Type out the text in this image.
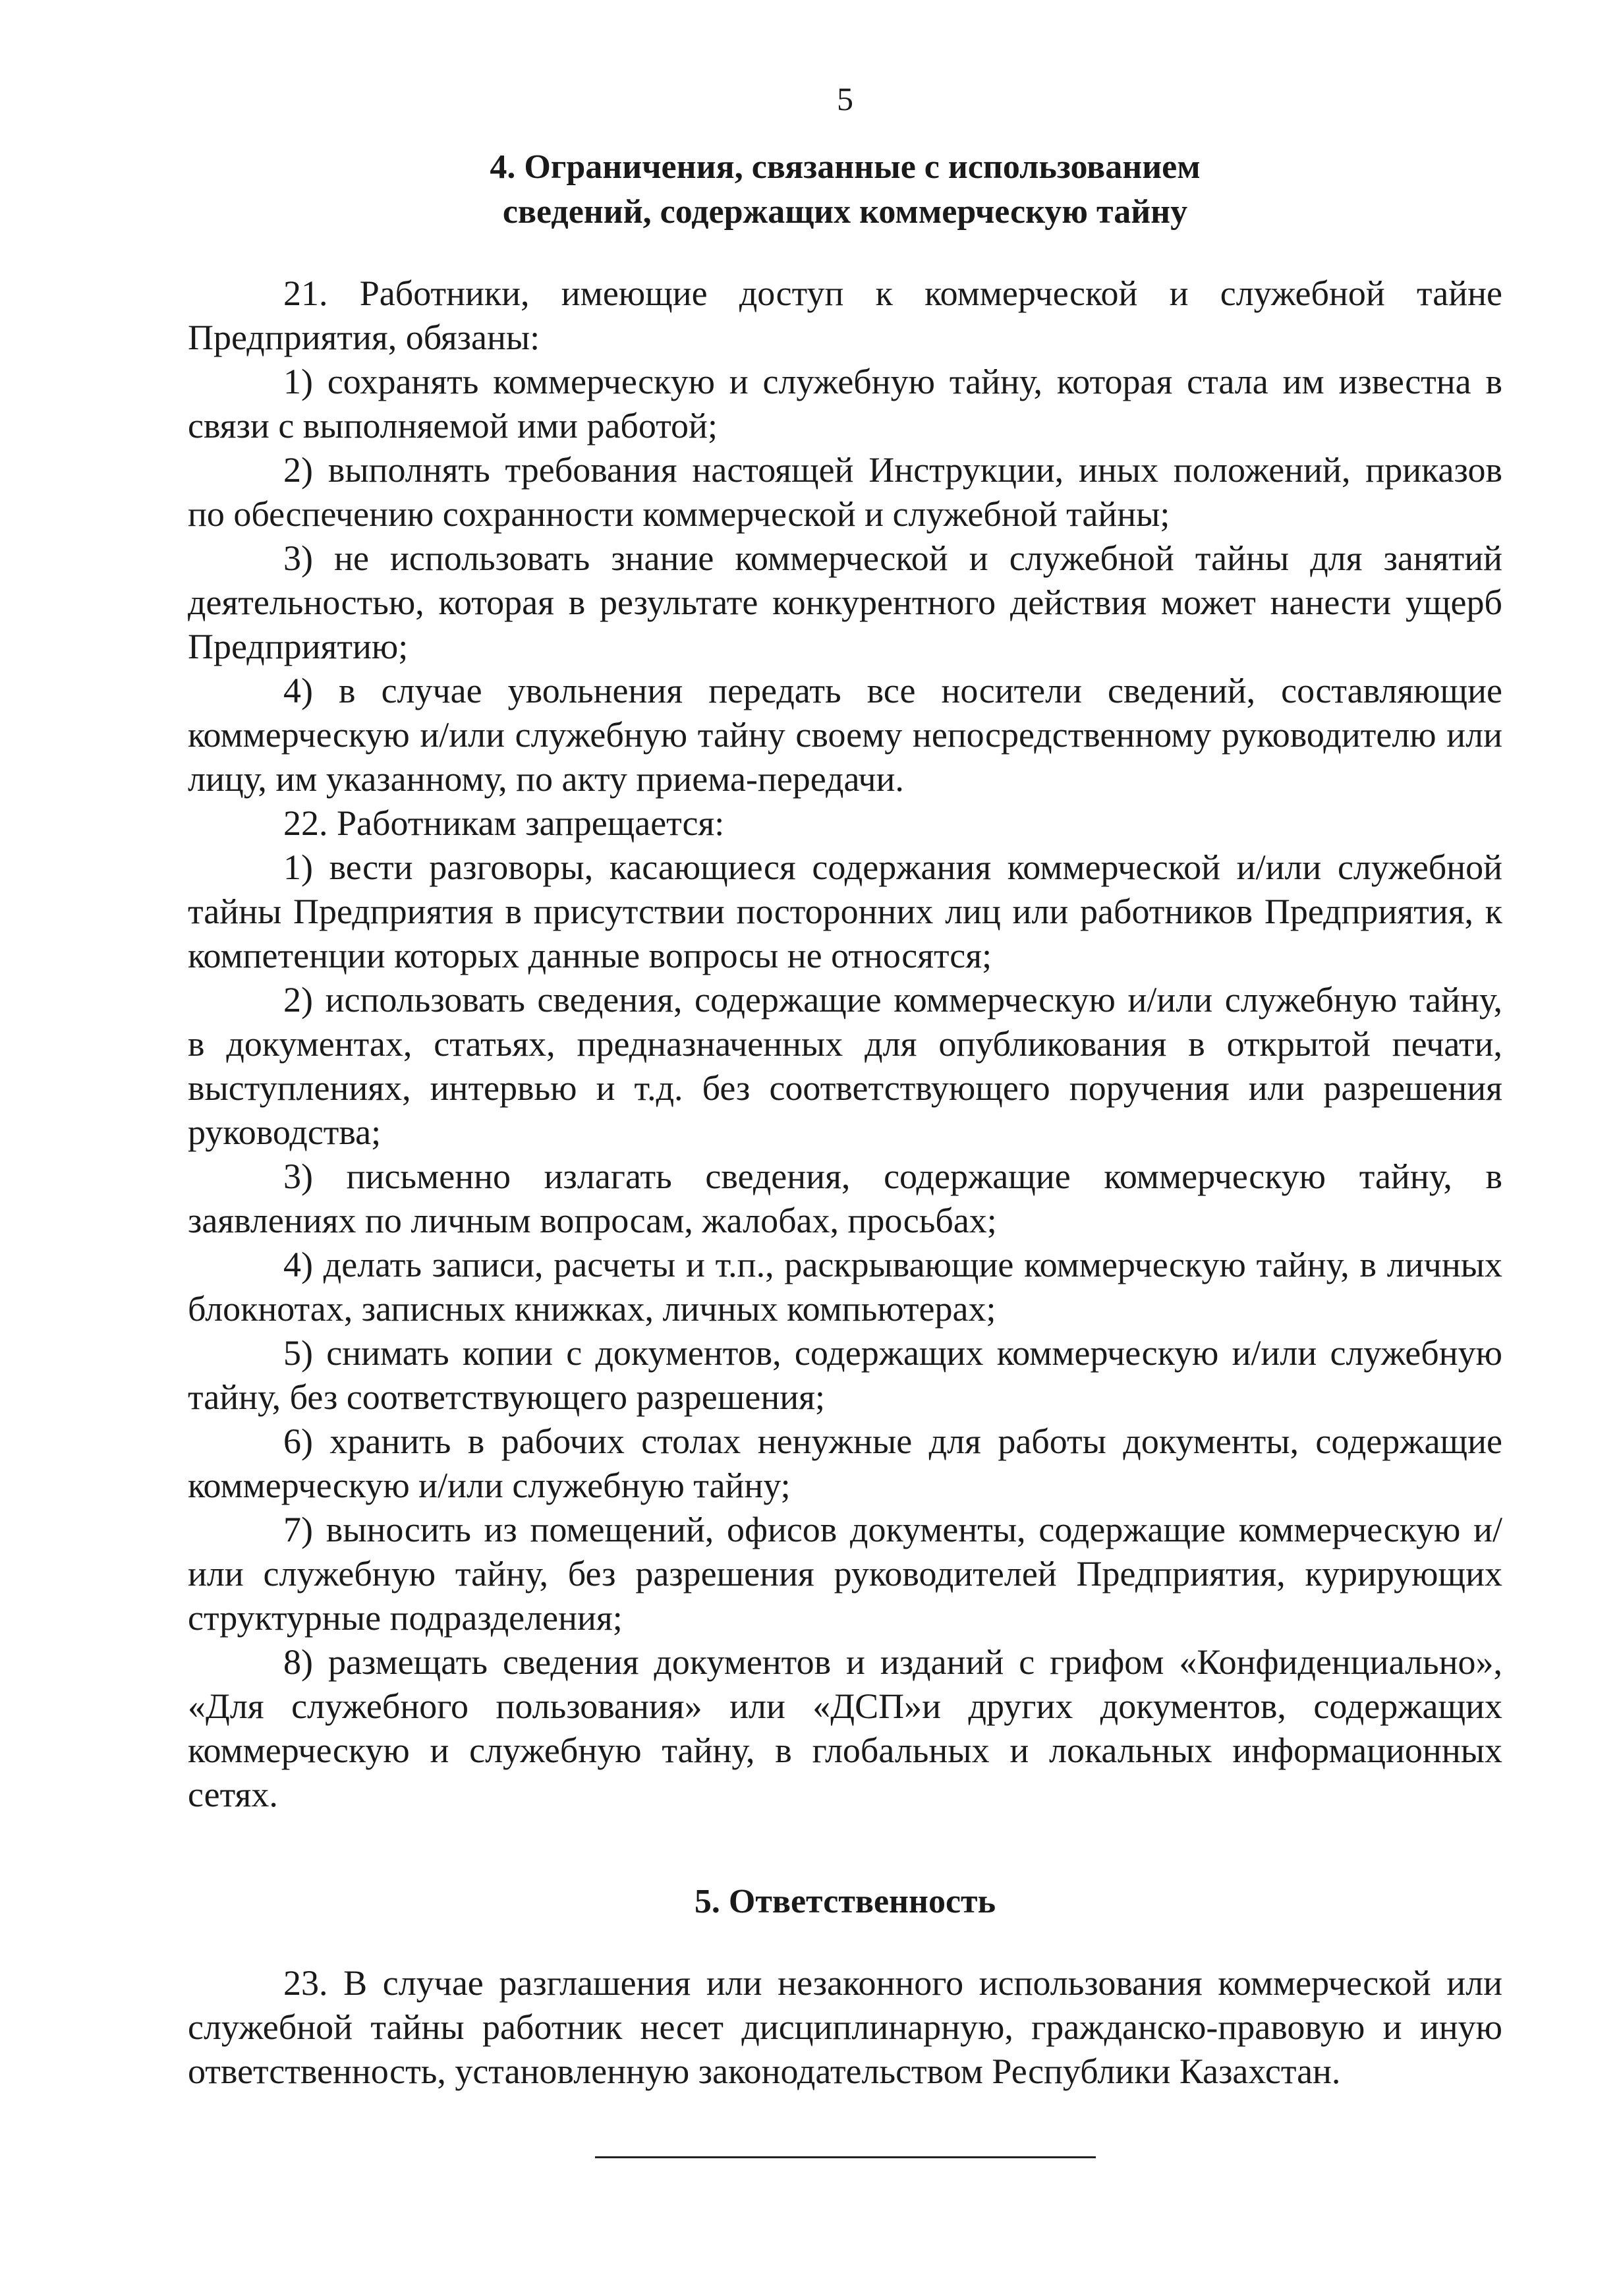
5
4. Ограничения, связанные с использованием
сведений, содержащих коммерческую тайну

21. Работники, имеющие доступ к коммерческой и служебной тайне Предприятия, обязаны:

1) сохранять коммерческую и служебную тайну, которая стала им известна в связи с выполняемой ими работой;

2) выполнять требования настоящей Инструкции, иных положений, приказов по обеспечению сохранности коммерческой и служебной тайны;

3) не использовать знание коммерческой и служебной тайны для занятий деятельностью, которая в результате конкурентного действия может нанести ущерб Предприятию;

4) в случае увольнения передать все носители сведений, составляющие коммерческую и/или служебную тайну своему непосредственному руководителю или лицу, им указанному, по акту приема-передачи.

22. Работникам запрещается:

1) вести разговоры, касающиеся содержания коммерческой и/или служебной тайны Предприятия в присутствии посторонних лиц или работников Предприятия, к компетенции которых данные вопросы не относятся;

2) использовать сведения, содержащие коммерческую и/или служебную тайну, в документах, статьях, предназначенных для опубликования в открытой печати, выступлениях, интервью и т.д. без соответствующего поручения или разрешения руководства;

3) письменно излагать сведения, содержащие коммерческую тайну, в заявлениях по личным вопросам, жалобах, просьбах;

4) делать записи, расчеты и т.п., раскрывающие коммерческую тайну, в личных блокнотах, записных книжках, личных компьютерах;

5) снимать копии с документов, содержащих коммерческую и/или служебную тайну, без соответствующего разрешения;

6) хранить в рабочих столах ненужные для работы документы, содержащие коммерческую и/или служебную тайну;

7) выносить из помещений, офисов документы, содержащие коммерческую и/или служебную тайну, без разрешения руководителей Предприятия, курирующих структурные подразделения;

8) размещать сведения документов и изданий с грифом «Конфиденциально», «Для служебного пользования» или «ДСП»и других документов, содержащих коммерческую и служебную тайну, в глобальных и локальных информационных сетях.

5. Ответственность

23. В случае разглашения или незаконного использования коммерческой или служебной тайны работник несет дисциплинарную, гражданско-правовую и иную ответственность, установленную законодательством Республики Казахстан.
